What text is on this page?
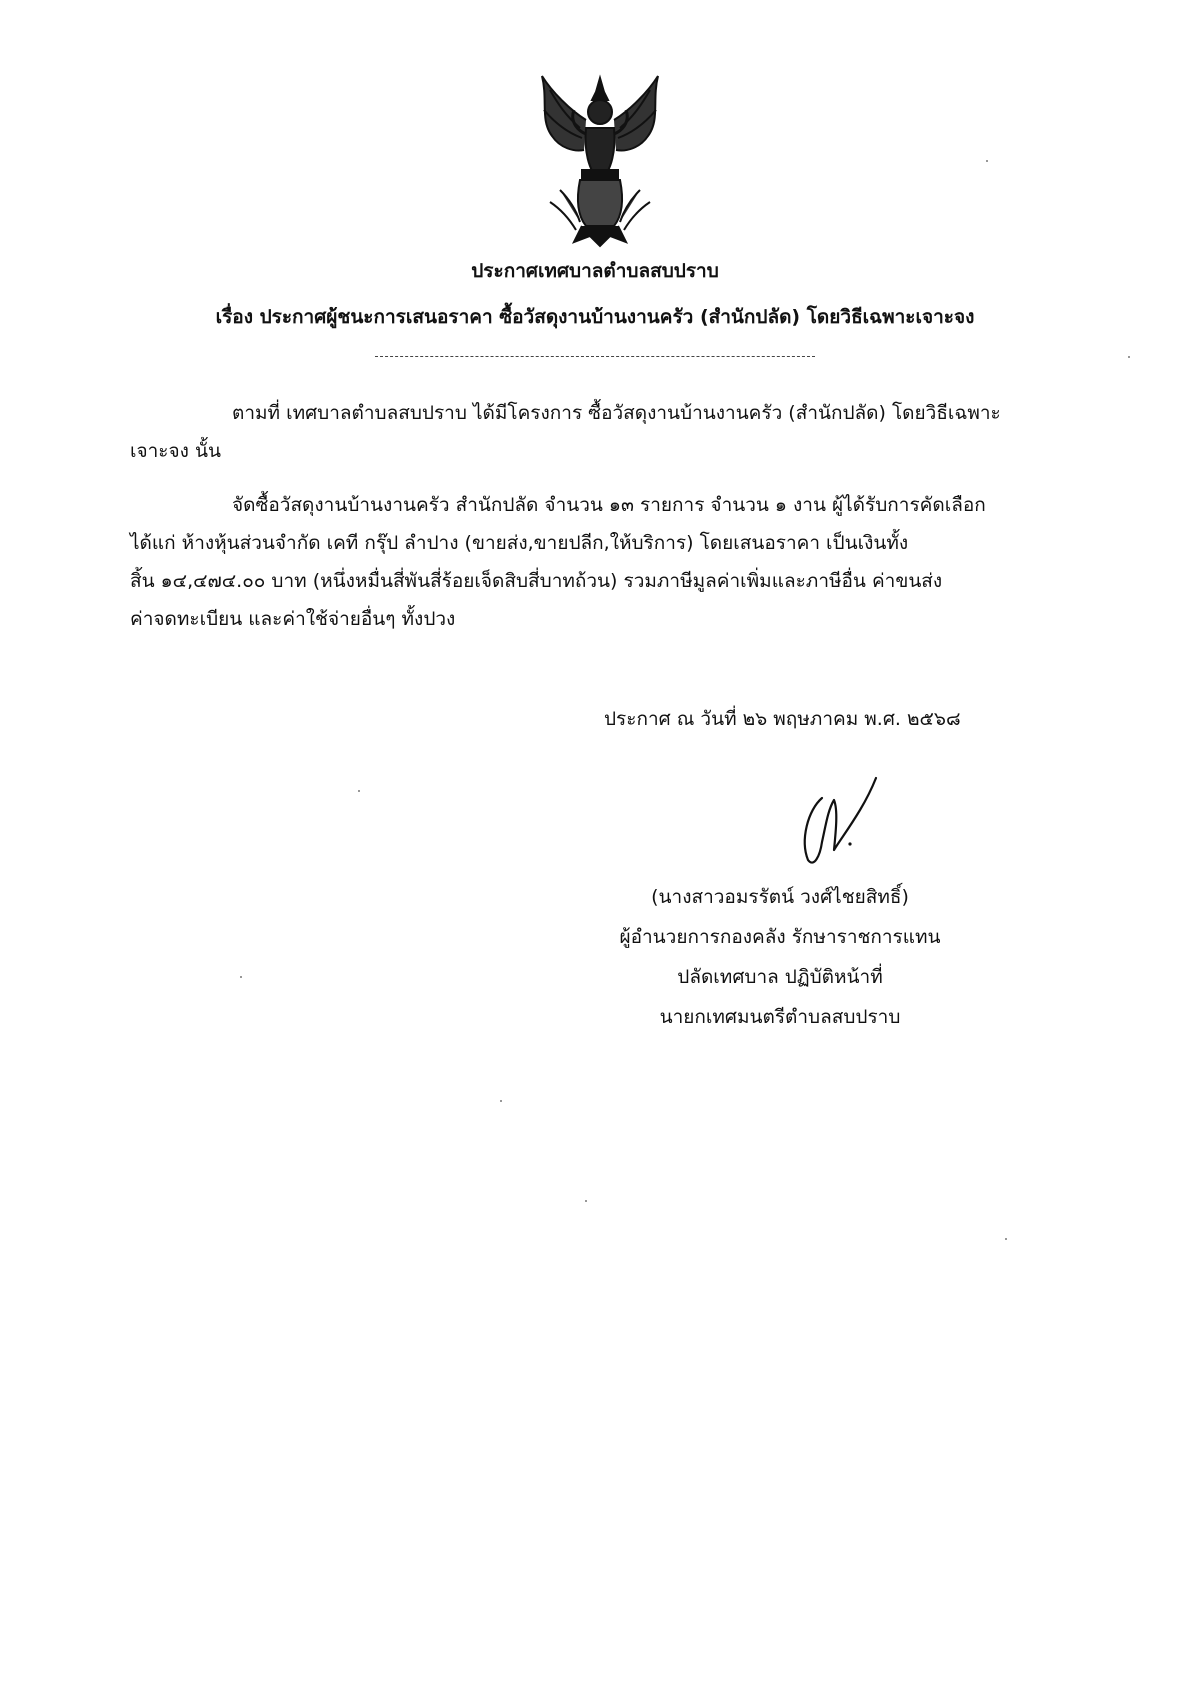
ประกาศเทศบาลตำบลสบปราบ
เรื่อง ประกาศผู้ชนะการเสนอราคา ซื้อวัสดุงานบ้านงานครัว (สำนักปลัด) โดยวิธีเฉพาะเจาะจง
ตามที่ เทศบาลตำบลสบปราบ ได้มีโครงการ ซื้อวัสดุงานบ้านงานครัว (สำนักปลัด) โดยวิธีเฉพาะ
เจาะจง นั้น
จัดซื้อวัสดุงานบ้านงานครัว สำนักปลัด จำนวน ๑๓ รายการ จำนวน ๑ งาน ผู้ได้รับการคัดเลือก
ได้แก่ ห้างหุ้นส่วนจำกัด เคที กรุ๊ป ลำปาง (ขายส่ง,ขายปลีก,ให้บริการ) โดยเสนอราคา เป็นเงินทั้ง
สิ้น ๑๔,๔๗๔.๐๐ บาท (หนึ่งหมื่นสี่พันสี่ร้อยเจ็ดสิบสี่บาทถ้วน) รวมภาษีมูลค่าเพิ่มและภาษีอื่น ค่าขนส่ง
ค่าจดทะเบียน และค่าใช้จ่ายอื่นๆ ทั้งปวง
ประกาศ ณ วันที่ ๒๖ พฤษภาคม พ.ศ. ๒๕๖๘
(นางสาวอมรรัตน์ วงศ์ไชยสิทธิ์)
ผู้อำนวยการกองคลัง รักษาราชการแทน
ปลัดเทศบาล ปฏิบัติหน้าที่
นายกเทศมนตรีตำบลสบปราบ
